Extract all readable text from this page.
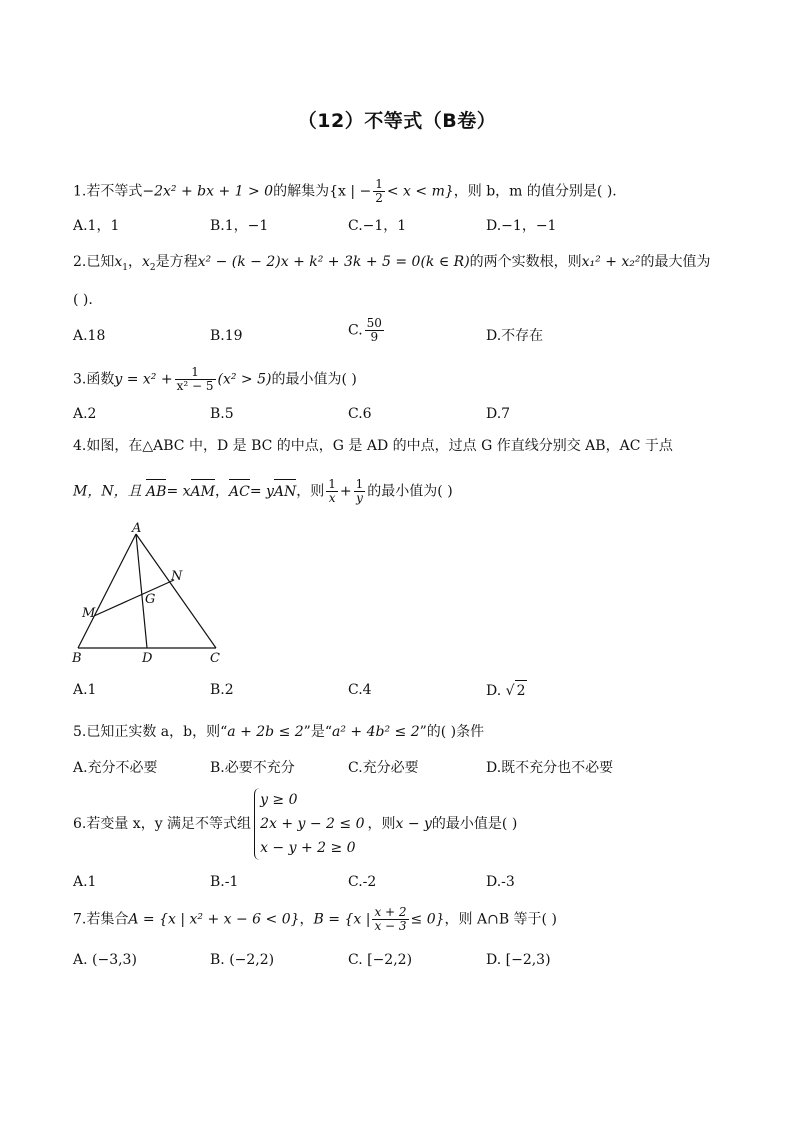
（12）不等式（B卷）
1.若不等式−2x² + bx + 1 > 0的解集为{x | − $\frac{1}{2} < x < m$}，则 b，m 的值分别是( ).
A.1，1	B.1，−1	C.−1，1	D.−1，−1
2.已知$x_1$，$x_2$是方程x² − (k − 2)x + k² + 3k + 5 = 0(k ∈ R)的两个实数根，则x₁² + x₂²的最大值为
( ).
A.18	B.19	C. $\frac{50}{9}$	D.不存在
3.函数$y = x^2 + \frac{1}{\text{x² − 5}} (x^2 > 5)$的最小值为( )
A.2	B.5	C.6	D.7
4.如图，在△ABC 中，D 是 BC 的中点，G 是 AD 的中点，过点 G 作直线分别交 AB，AC 于点
M，N，且 AB= xAM，AC= yAN，则 $\frac{1}{x} + \frac{1}{y}$ 的最小值为( )
A
B	C
D
G
M
N
A.1	B.2	C.4	D. √ 2
5.已知正实数 a，b，则“a + 2b ≤ 2”是“a² + 4b² ≤ 2”的( )条件
A.充分不必要	B.必要不充分	C.充分必要	D.既不充分也不必要
6.若变量 x，y 满足不等式组
y ≥ 0
2x + y − 2 ≤ 0
x − y + 2 ≥ 0
，则x − y的最小值是( )
A.1	B.-1	C.-2	D.-3
7.若集合A = {x | x² + x − 6 < 0}，B = {x | $\frac{x + 2}{x - 3} \le 0$}，则 A∩B 等于( )
A. (−3,3)	B. (−2,2)	C. [−2,2)	D. [−2,3)
